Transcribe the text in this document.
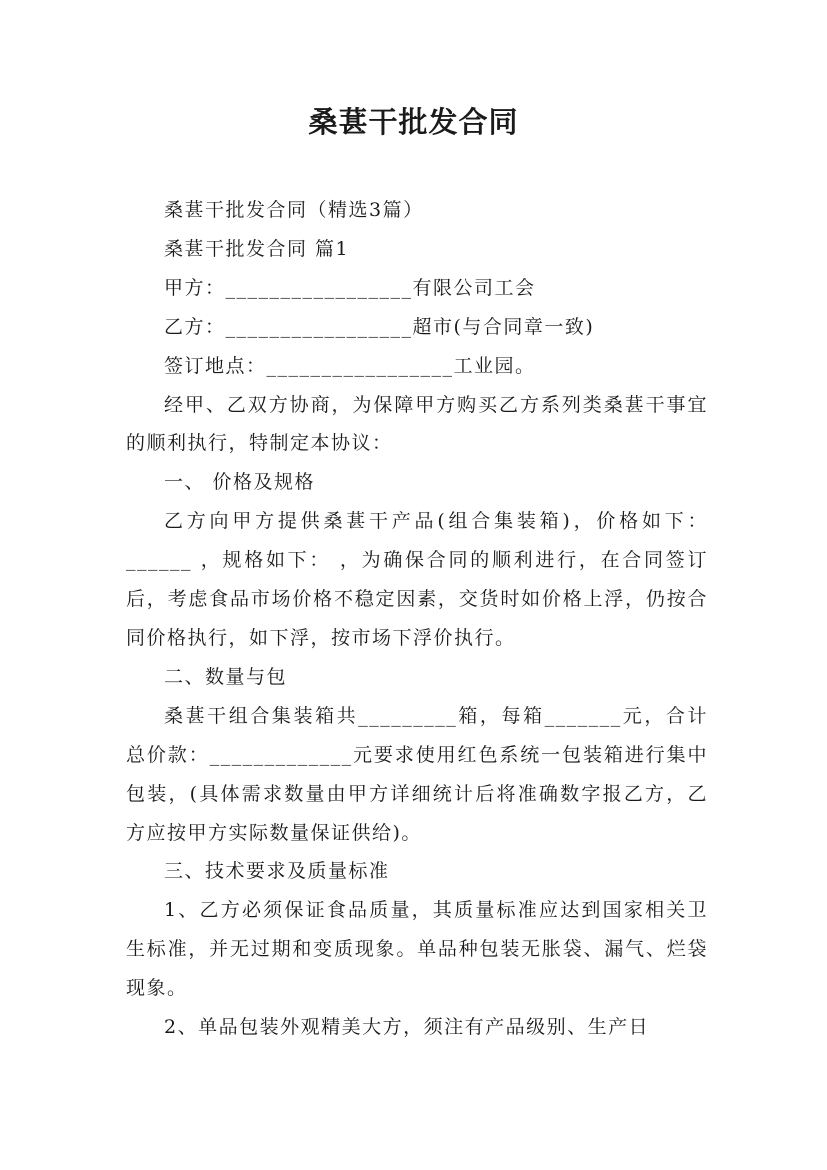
桑葚干批发合同

桑葚干批发合同（精选3篇）

桑葚干批发合同 篇1

甲方：_________________有限公司工会

乙方：_________________超市(与合同章一致)

签订地点：_________________工业园。

经甲、乙双方协商，为保障甲方购买乙方系列类桑葚干事宜的顺利执行，特制定本协议：

一、 价格及规格

乙方向甲方提供桑葚干产品(组合集装箱)，价格如下：______ ，规格如下： ，为确保合同的顺利进行，在合同签订后，考虑食品市场价格不稳定因素，交货时如价格上浮，仍按合同价格执行，如下浮，按市场下浮价执行。

二、数量与包

桑葚干组合集装箱共_________箱，每箱_______元，合计总价款：_____________元要求使用红色系统一包装箱进行集中包装，(具体需求数量由甲方详细统计后将准确数字报乙方，乙方应按甲方实际数量保证供给)。

三、技术要求及质量标准

1、乙方必须保证食品质量，其质量标准应达到国家相关卫生标准，并无过期和变质现象。单品种包装无胀袋、漏气、烂袋现象。

2、单品包装外观精美大方，须注有产品级别、生产日
